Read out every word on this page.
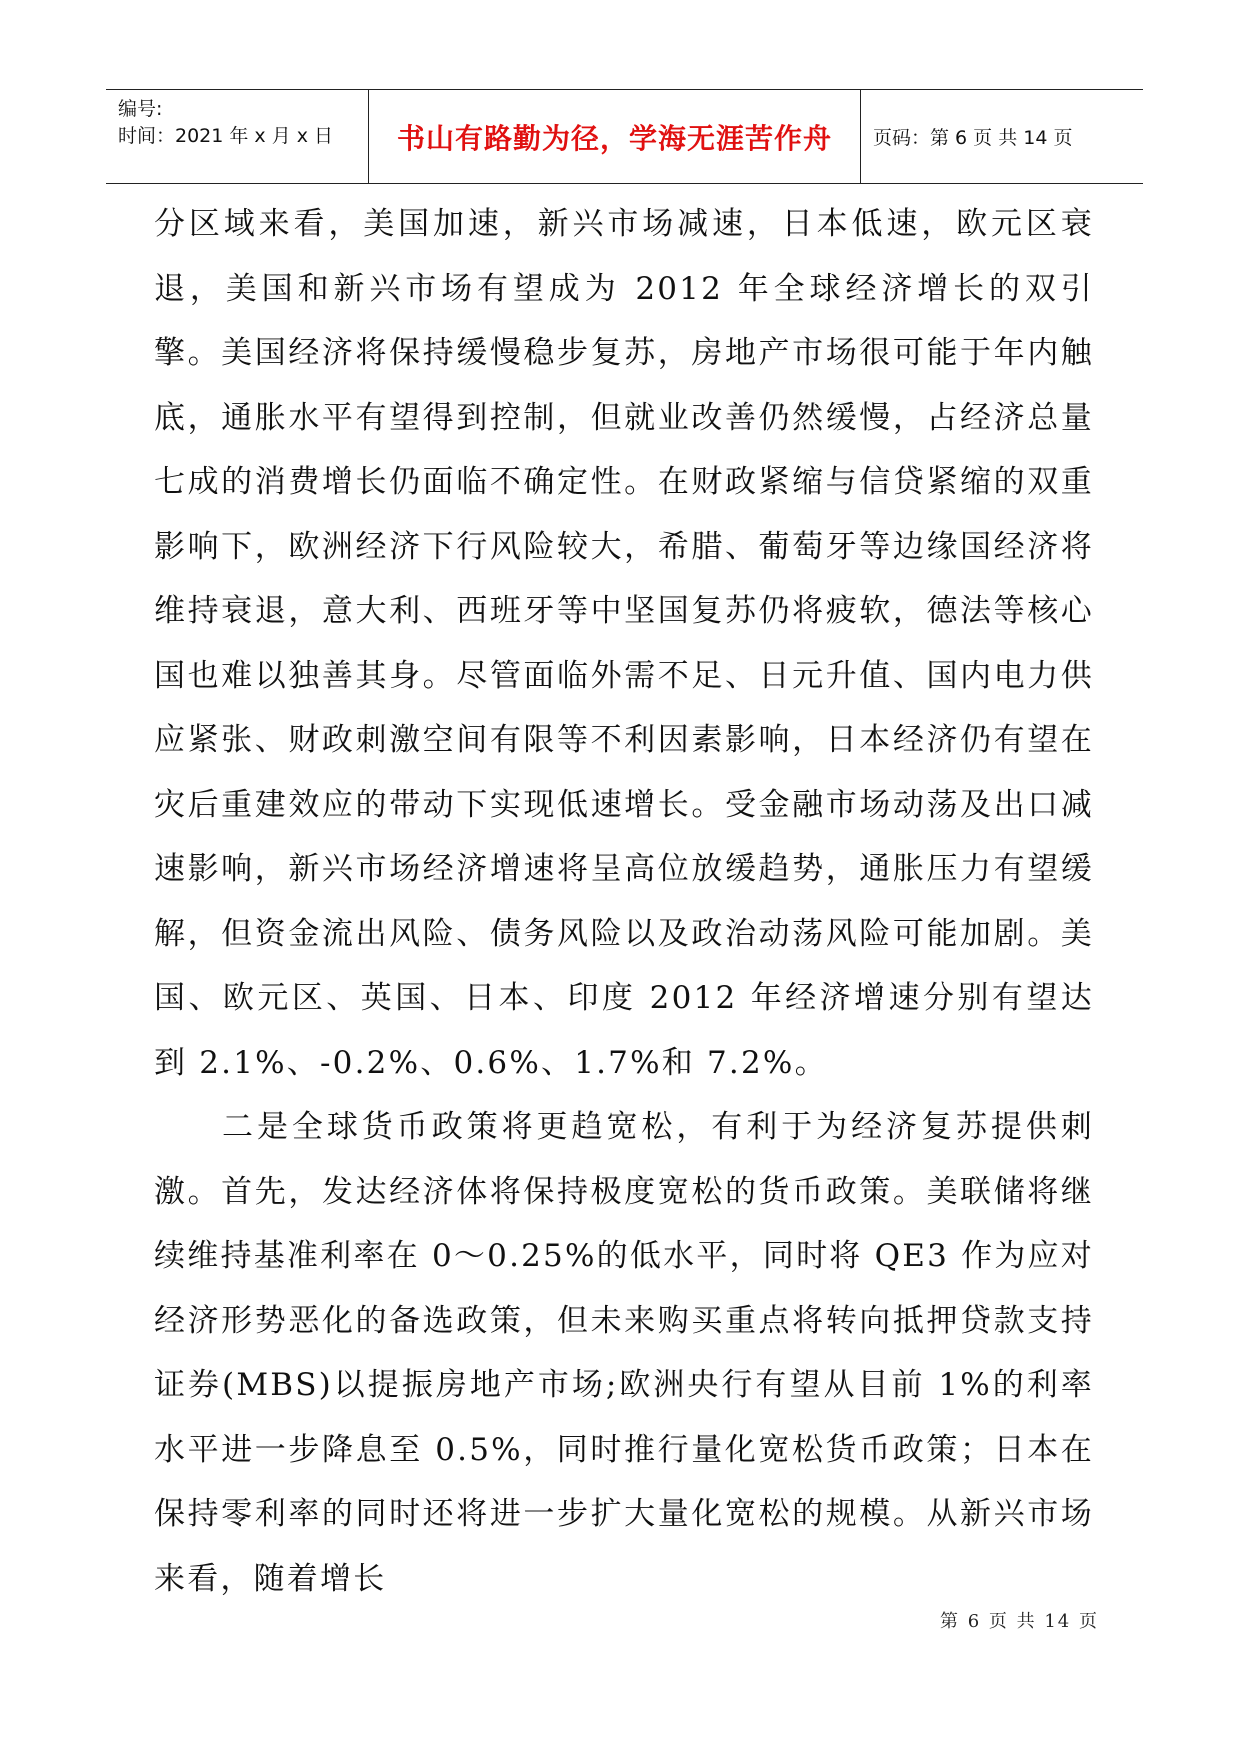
编号:
时间：2021 年 x 月 x 日 书山有路勤为径，学海无涯苦作舟 页码：第 6 页 共 14 页

分区域来看，美国加速，新兴市场减速，日本低速，欧元区衰退，美国和新兴市场有望成为 2012 年全球经济增长的双引擎。美国经济将保持缓慢稳步复苏，房地产市场很可能于年内触底，通胀水平有望得到控制，但就业改善仍然缓慢，占经济总量七成的消费增长仍面临不确定性。在财政紧缩与信贷紧缩的双重影响下，欧洲经济下行风险较大，希腊、葡萄牙等边缘国经济将维持衰退，意大利、西班牙等中坚国复苏仍将疲软，德法等核心国也难以独善其身。尽管面临外需不足、日元升值、国内电力供应紧张、财政刺激空间有限等不利因素影响，日本经济仍有望在灾后重建效应的带动下实现低速增长。受金融市场动荡及出口减速影响，新兴市场经济增速将呈高位放缓趋势，通胀压力有望缓解，但资金流出风险、债务风险以及政治动荡风险可能加剧。美国、欧元区、英国、日本、印度 2012 年经济增速分别有望达到 2.1%、-0.2%、0.6%、1.7%和 7.2%。

二是全球货币政策将更趋宽松，有利于为经济复苏提供刺激。首先，发达经济体将保持极度宽松的货币政策。美联储将继续维持基准利率在 0～0.25%的低水平，同时将 QE3 作为应对经济形势恶化的备选政策，但未来购买重点将转向抵押贷款支持证券(MBS)以提振房地产市场;欧洲央行有望从目前 1%的利率水平进一步降息至 0.5%，同时推行量化宽松货币政策；日本在保持零利率的同时还将进一步扩大量化宽松的规模。从新兴市场来看，随着增长

第 6 页 共 14 页
